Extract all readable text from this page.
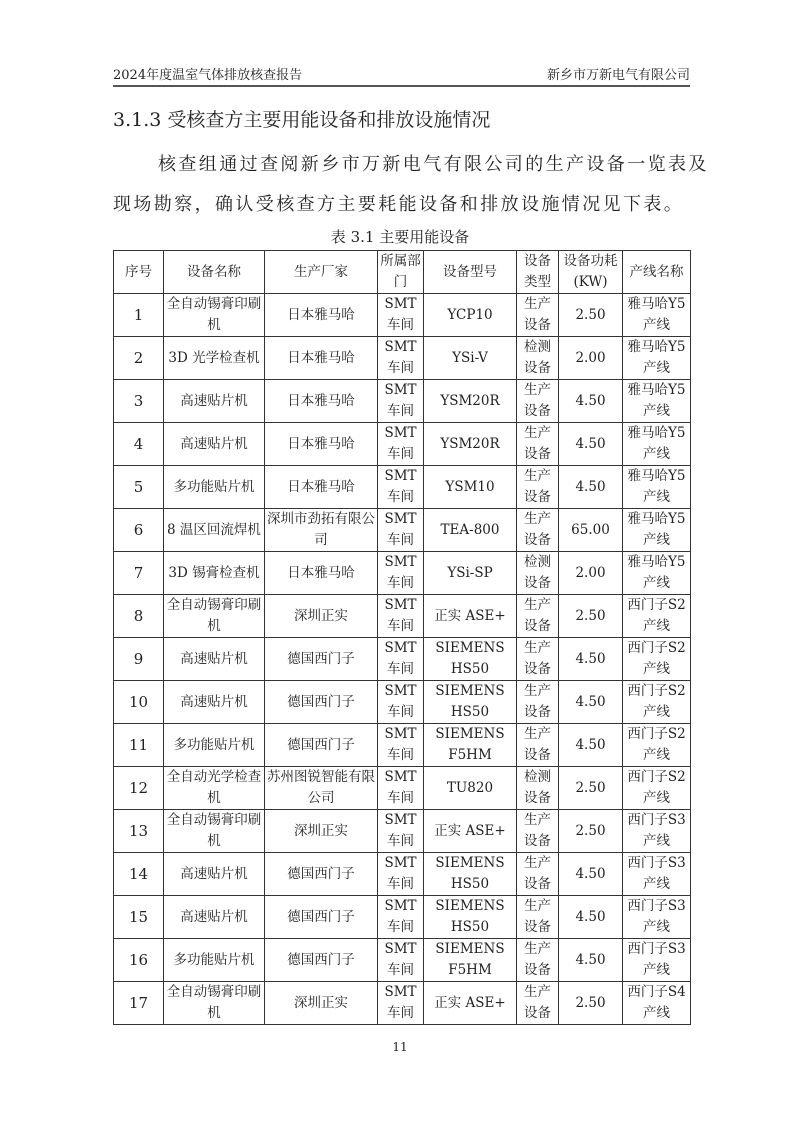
2024年度温室气体排放核查报告	新乡市万新电气有限公司
3.1.3 受核查方主要用能设备和排放设施情况
核查组通过查阅新乡市万新电气有限公司的生产设备一览表及
现场勘察，确认受核查方主要耗能设备和排放设施情况见下表。
表 3.1 主要用能设备
序号	设备名称	生产厂家	所属部门	设备型号	设备类型	设备功耗(KW)	产线名称
1	全自动锡膏印刷机	日本雅马哈	SMT车间	YCP10	生产设备	2.50	雅马哈Y5 产线
2	3D 光学检查机	日本雅马哈	SMT车间	YSi-V	检测设备	2.00	雅马哈Y5 产线
3	高速贴片机	日本雅马哈	SMT车间	YSM20R	生产设备	4.50	雅马哈Y5 产线
4	高速贴片机	日本雅马哈	SMT车间	YSM20R	生产设备	4.50	雅马哈Y5 产线
5	多功能贴片机	日本雅马哈	SMT车间	YSM10	生产设备	4.50	雅马哈Y5 产线
6	8 温区回流焊机	深圳市劲拓有限公司	SMT车间	TEA-800	生产设备	65.00	雅马哈Y5 产线
7	3D 锡膏检查机	日本雅马哈	SMT车间	YSi-SP	检测设备	2.00	雅马哈Y5 产线
8	全自动锡膏印刷机	深圳正实	SMT车间	正实 ASE+	生产设备	2.50	西门子S2 产线
9	高速贴片机	德国西门子	SMT车间	SIEMENS HS50	生产设备	4.50	西门子S2 产线
10	高速贴片机	德国西门子	SMT车间	SIEMENS HS50	生产设备	4.50	西门子S2 产线
11	多功能贴片机	德国西门子	SMT车间	SIEMENS F5HM	生产设备	4.50	西门子S2 产线
12	全自动光学检查机	苏州图锐智能有限公司	SMT车间	TU820	检测设备	2.50	西门子S2 产线
13	全自动锡膏印刷机	深圳正实	SMT车间	正实 ASE+	生产设备	2.50	西门子S3 产线
14	高速贴片机	德国西门子	SMT车间	SIEMENS HS50	生产设备	4.50	西门子S3 产线
15	高速贴片机	德国西门子	SMT车间	SIEMENS HS50	生产设备	4.50	西门子S3 产线
16	多功能贴片机	德国西门子	SMT车间	SIEMENS F5HM	生产设备	4.50	西门子S3 产线
17	全自动锡膏印刷机	深圳正实	SMT车间	正实 ASE+	生产设备	2.50	西门子S4 产线
11
